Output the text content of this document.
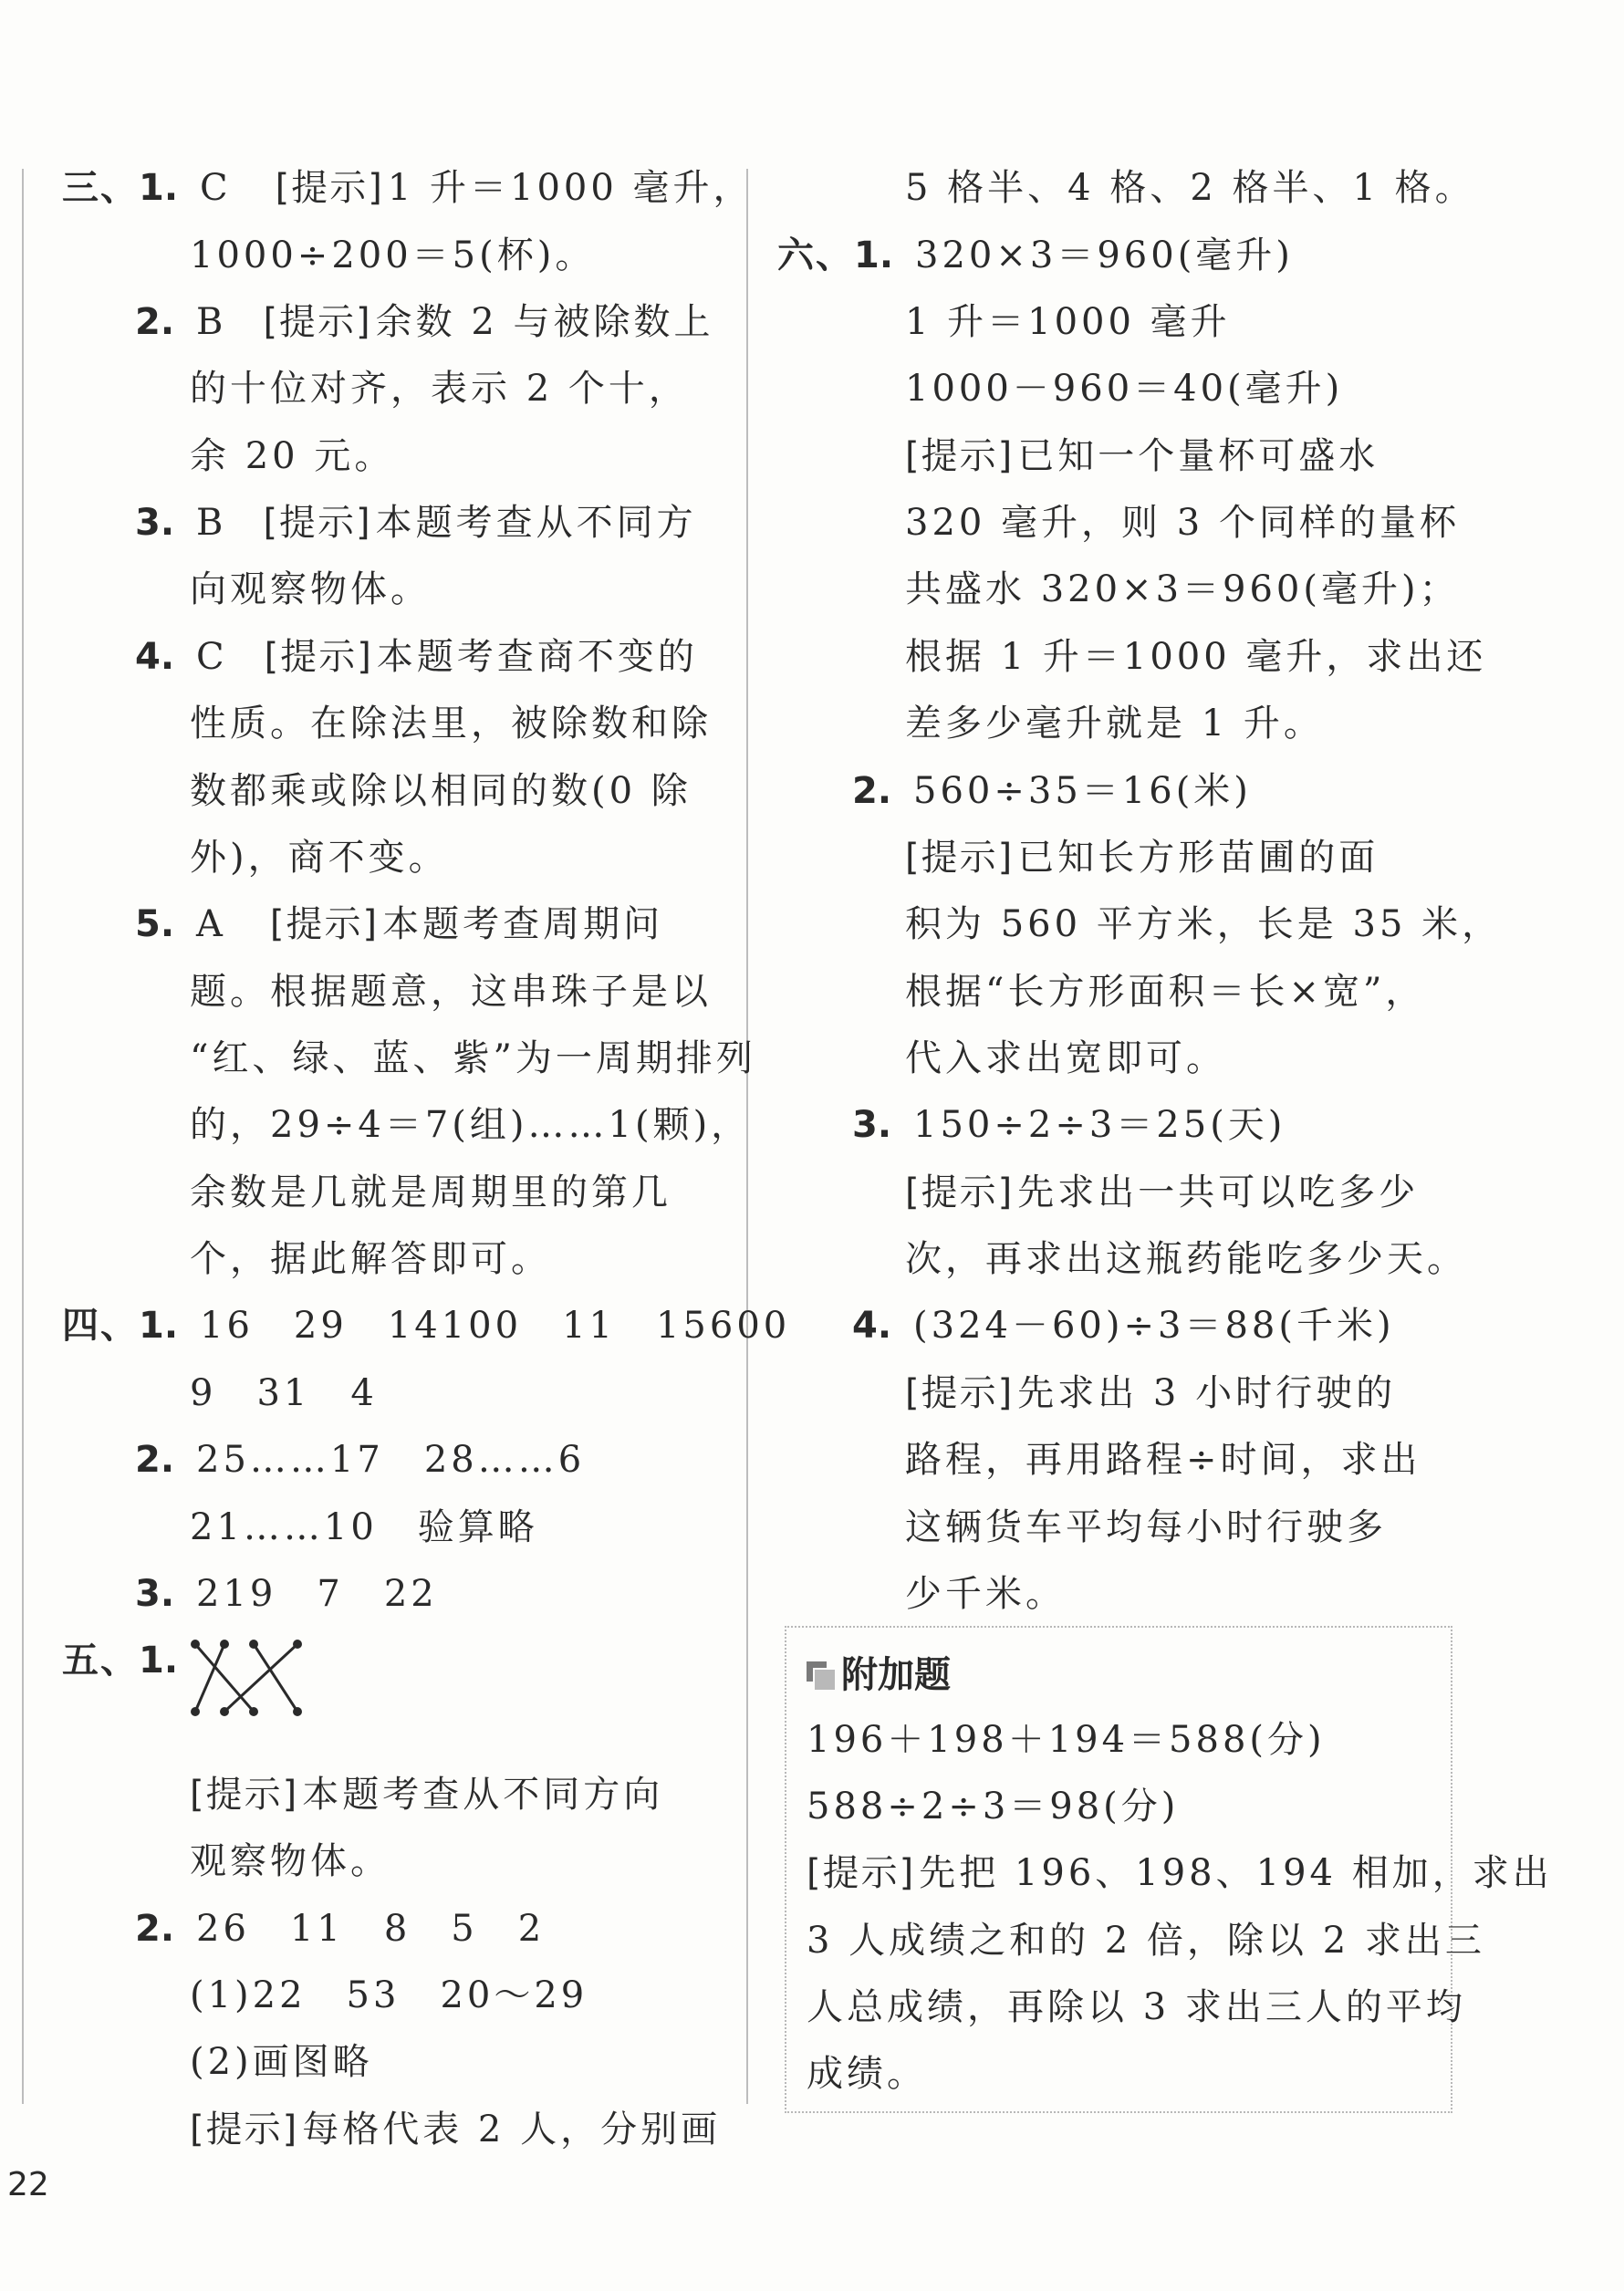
三、1. C [提示] 1 升＝1000 毫升，
1000÷200＝5(杯)。
2. B [提示] 余数 2 与被除数上
的十位对齐，表示 2 个十，
余 20 元。
3. B [提示] 本题考查从不同方
向观察物体。
4. C [提示] 本题考查商不变的
性质。在除法里，被除数和除
数都乘或除以相同的数(0 除
外)，商不变。
5. A [提示] 本题考查周期问
题。根据题意，这串珠子是以
“红、绿、蓝、紫”为一周期排列
的，29÷4＝7(组)……1(颗)，
余数是几就是周期里的第几
个，据此解答即可。
四、1. 16　29　14100　11　15600
9　31　4
2. 25……17　28……6
21……10　验算略
3. 219　7　22
五、1.
[提示] 本题考查从不同方向
观察物体。
2. 26　11　8　5　2
(1)22　53　20～29
(2)画图略
[提示] 每格代表 2 人，分别画
5 格半、4 格、2 格半、1 格。
六、1. 320×3＝960(毫升)
1 升＝1000 毫升
1000－960＝40(毫升)
[提示] 已知一个量杯可盛水
320 毫升，则 3 个同样的量杯
共盛水 320×3＝960(毫升)；
根据 1 升＝1000 毫升，求出还
差多少毫升就是 1 升。
2. 560÷35＝16(米)
[提示] 已知长方形苗圃的面
积为 560 平方米，长是 35 米，
根据“长方形面积＝长×宽”，
代入求出宽即可。
3. 150÷2÷3＝25(天)
[提示] 先求出一共可以吃多少
次，再求出这瓶药能吃多少天。
4. (324－60)÷3＝88(千米)
[提示] 先求出 3 小时行驶的
路程，再用路程÷时间，求出
这辆货车平均每小时行驶多
少千米。
附加题
196＋198＋194＝588(分)
588÷2÷3＝98(分)
[提示] 先把 196、198、194 相加，求出
3 人成绩之和的 2 倍，除以 2 求出三
人总成绩，再除以 3 求出三人的平均
成绩。
22
